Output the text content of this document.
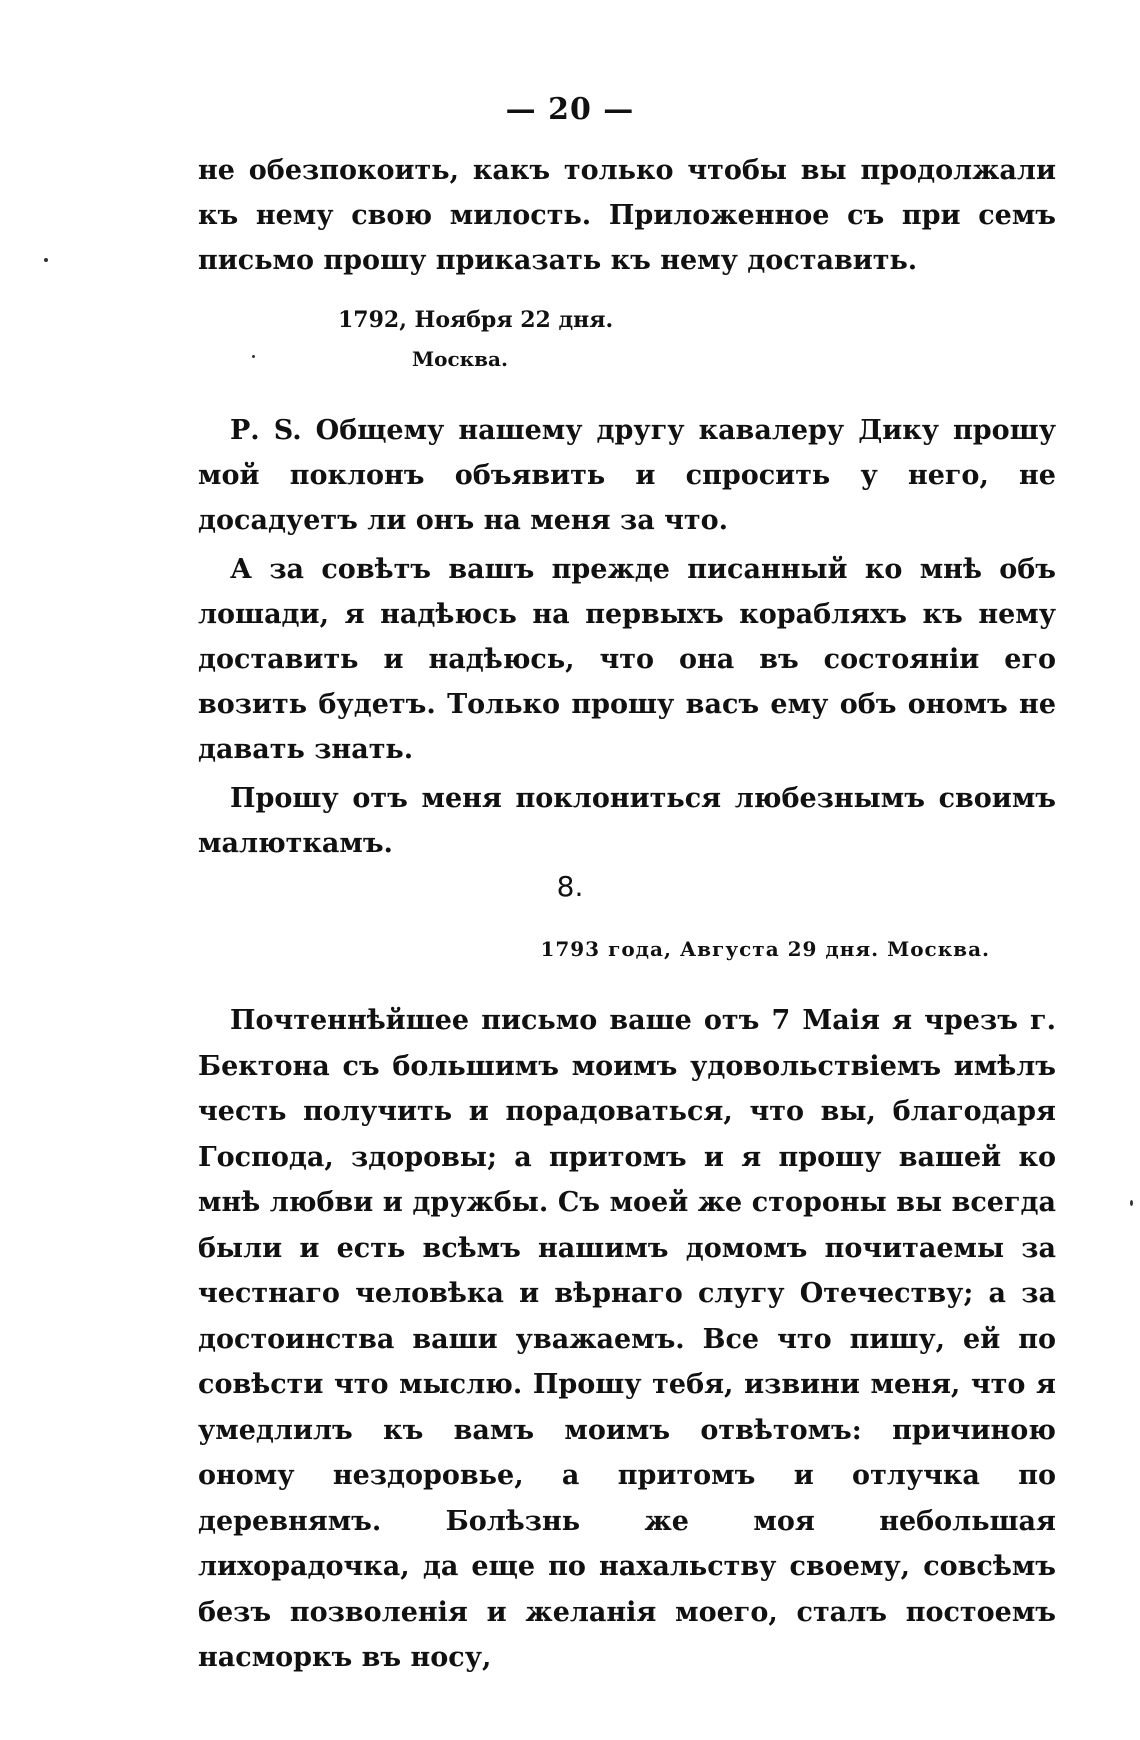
— 20 —

не обезпокоить, какъ только чтобы вы продолжали къ нему свою милость. Приложенное съ при семъ письмо прошу приказать къ нему доставить.

1792, Ноября 22 дня.
Москва.

Р. S. Общему нашему другу кавалеру Дику прошу мой поклонъ объявить и спросить у него, не досадуетъ ли онъ на меня за что.

А за совѣтъ вашъ прежде писанный ко мнѣ объ лошади, я надѣюсь на первыхъ корабляхъ къ нему доставить и надѣюсь, что она въ состояніи его возить будетъ. Только прошу васъ ему объ ономъ не давать знать.

Прошу отъ меня поклониться любезнымъ своимъ малюткамъ.

8.
1793 года, Августа 29 дня. Москва.

Почтеннѣйшее письмо ваше отъ 7 Маія я чрезъ г. Бектона съ большимъ моимъ удовольствіемъ имѣлъ честь получить и порадоваться, что вы, благодаря Господа, здоровы; а притомъ и я прошу вашей ко мнѣ любви и дружбы. Съ моей же стороны вы всегда были и есть всѣмъ нашимъ домомъ почитаемы за честнаго человѣка и вѣрнаго слугу Отечеству; а за достоинства ваши уважаемъ. Все что пишу, ей по совѣсти что мыслю. Прошу тебя, извини меня, что я умедлилъ къ вамъ моимъ отвѣтомъ: причиною оному нездоровье, а притомъ и отлучка по деревнямъ. Болѣзнь же моя небольшая лихорадочка, да еще по нахальству своему, совсѣмъ безъ позволенія и желанія моего, сталъ постоемъ насморкъ въ носу,
